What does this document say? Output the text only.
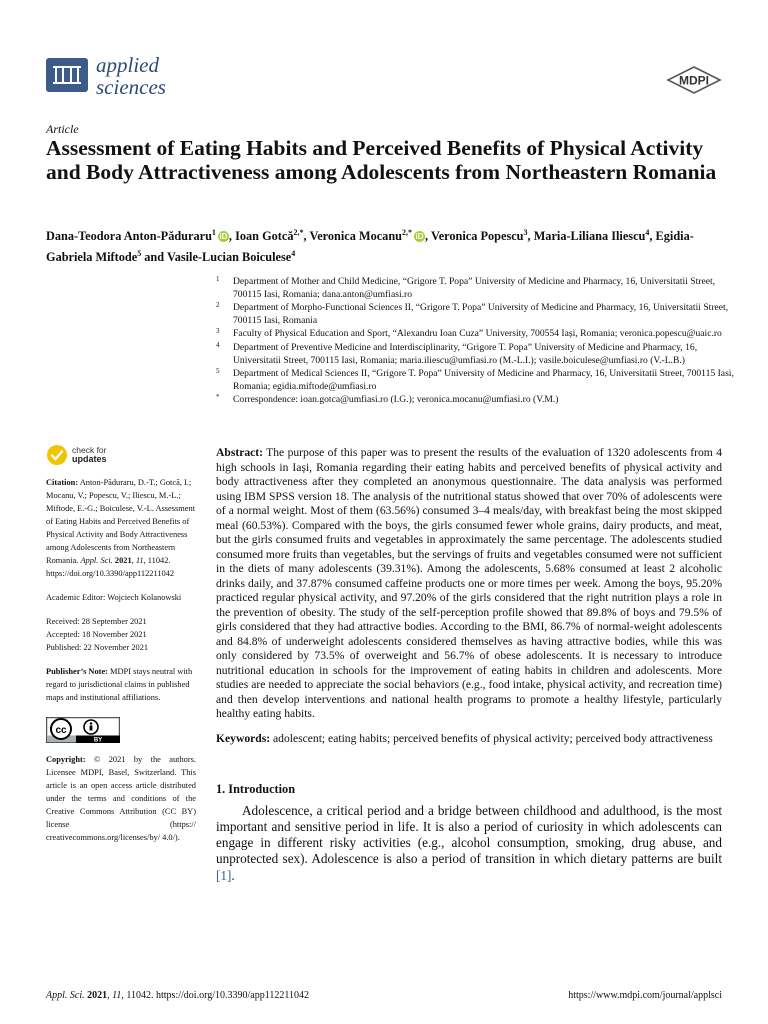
applied
sciences	MDPI
Article
Assessment of Eating Habits and Perceived Benefits of Physical Activity and Body Attractiveness among Adolescents from Northeastern Romania
Dana-Teodora Anton-Păduraru$^1$ iD , Ioan Gotcă$^{2,*}$, Veronica Mocanu$^{2,*}$ iD , Veronica Popescu$^3$, Maria-Liliana Iliescu$^4$, Egidia-Gabriela Miftode$^5$ and Vasile-Lucian Boiculese$^4$
1 Department of Mother and Child Medicine, “Grigore T. Popa” University of Medicine and Pharmacy, 16, Universitatii Street, 700115 Iasi, Romania; dana.anton@umfiasi.ro
2 Department of Morpho-Functional Sciences II, “Grigore T. Popa” University of Medicine and Pharmacy, 16, Universitatii Street, 700115 Iasi, Romania
3 Faculty of Physical Education and Sport, “Alexandru Ioan Cuza” University, 700554 Iași, Romania; veronica.popescu@uaic.ro
4 Department of Preventive Medicine and Interdisciplinarity, “Grigore T. Popa” University of Medicine and Pharmacy, 16, Universitatii Street, 700115 Iasi, Romania; maria.iliescu@umfiasi.ro (M.-L.I.); vasile.boiculese@umfiasi.ro (V.-L.B.)
5 Department of Medical Sciences II, “Grigore T. Popa” University of Medicine and Pharmacy, 16, Universitatii Street, 700115 Iasi, Romania; egidia.miftode@umfiasi.ro
* Correspondence: ioan.gotca@umfiasi.ro (I.G.); veronica.mocanu@umfiasi.ro (V.M.)
check for
updates
Citation: Anton-Păduraru, D.-T.; Gotcă, I.; Mocanu, V.; Popescu, V.; Iliescu, M.-L.; Miftode, E.-G.; Boiculese, V.-L. Assessment of Eating Habits and Perceived Benefits of Physical Activity and Body Attractiveness among Adolescents from Northeastern Romania. Appl. Sci. 2021, 11, 11042. https://doi.org/10.3390/app112211042
Academic Editor: Wojciech Kolanowski
Received: 28 September 2021
Accepted: 18 November 2021
Published: 22 November 2021
Publisher’s Note: MDPI stays neutral with regard to jurisdictional claims in published maps and institutional affiliations.
cc
BY
Copyright: © 2021 by the authors. Licensee MDPI, Basel, Switzerland. This article is an open access article distributed under the terms and conditions of the Creative Commons Attribution (CC BY) license (https:// creativecommons.org/licenses/by/ 4.0/).

Abstract: The purpose of this paper was to present the results of the evaluation of 1320 adolescents from 4 high schools in Iași, Romania regarding their eating habits and perceived benefits of physical activity and body attractiveness after they completed an anonymous questionnaire. The data analysis was performed using IBM SPSS version 18. The analysis of the nutritional status showed that over 70% of adolescents were of a normal weight. Most of them (63.56%) consumed 3–4 meals/day, with breakfast being the most skipped meal (60.53%). Compared with the boys, the girls consumed fewer whole grains, dairy products, and meat, but the girls consumed fruits and vegetables in approximately the same percentage. The adolescents studied consumed more fruits than vegetables, but the servings of fruits and vegetables consumed were not sufficient in the diets of many adolescents (39.31%). Among the adolescents, 5.68% consumed at least 2 alcoholic drinks daily, and 37.87% consumed caffeine products one or more times per week. Among the boys, 95.20% practiced regular physical activity, and 97.20% of the girls considered that the right nutrition plays a role in the prevention of obesity. The study of the self-perception profile showed that 89.8% of boys and 79.5% of girls considered that they had attractive bodies. According to the BMI, 86.7% of normal-weight adolescents and 84.8% of underweight adolescents considered themselves as having attractive bodies, while this was only considered by 73.5% of overweight and 56.7% of obese adolescents. It is necessary to introduce nutritional education in schools for the improvement of eating habits in children and adolescents. More studies are needed to appreciate the social behaviors (e.g., food intake, physical activity, and recreation time) and then develop interventions and national health programs to promote a healthy lifestyle, particularly healthy eating habits.

Keywords: adolescent; eating habits; perceived benefits of physical activity; perceived body attractiveness

1. Introduction

Adolescence, a critical period and a bridge between childhood and adulthood, is the most important and sensitive period in life. It is also a period of curiosity in which adolescents can engage in different risky activities (e.g., alcohol consumption, smoking, drug abuse, and unprotected sex). Adolescence is also a period of transition in which dietary patterns are built [1].

Appl. Sci. 2021, 11, 11042. https://doi.org/10.3390/app112211042	https://www.mdpi.com/journal/applsci
